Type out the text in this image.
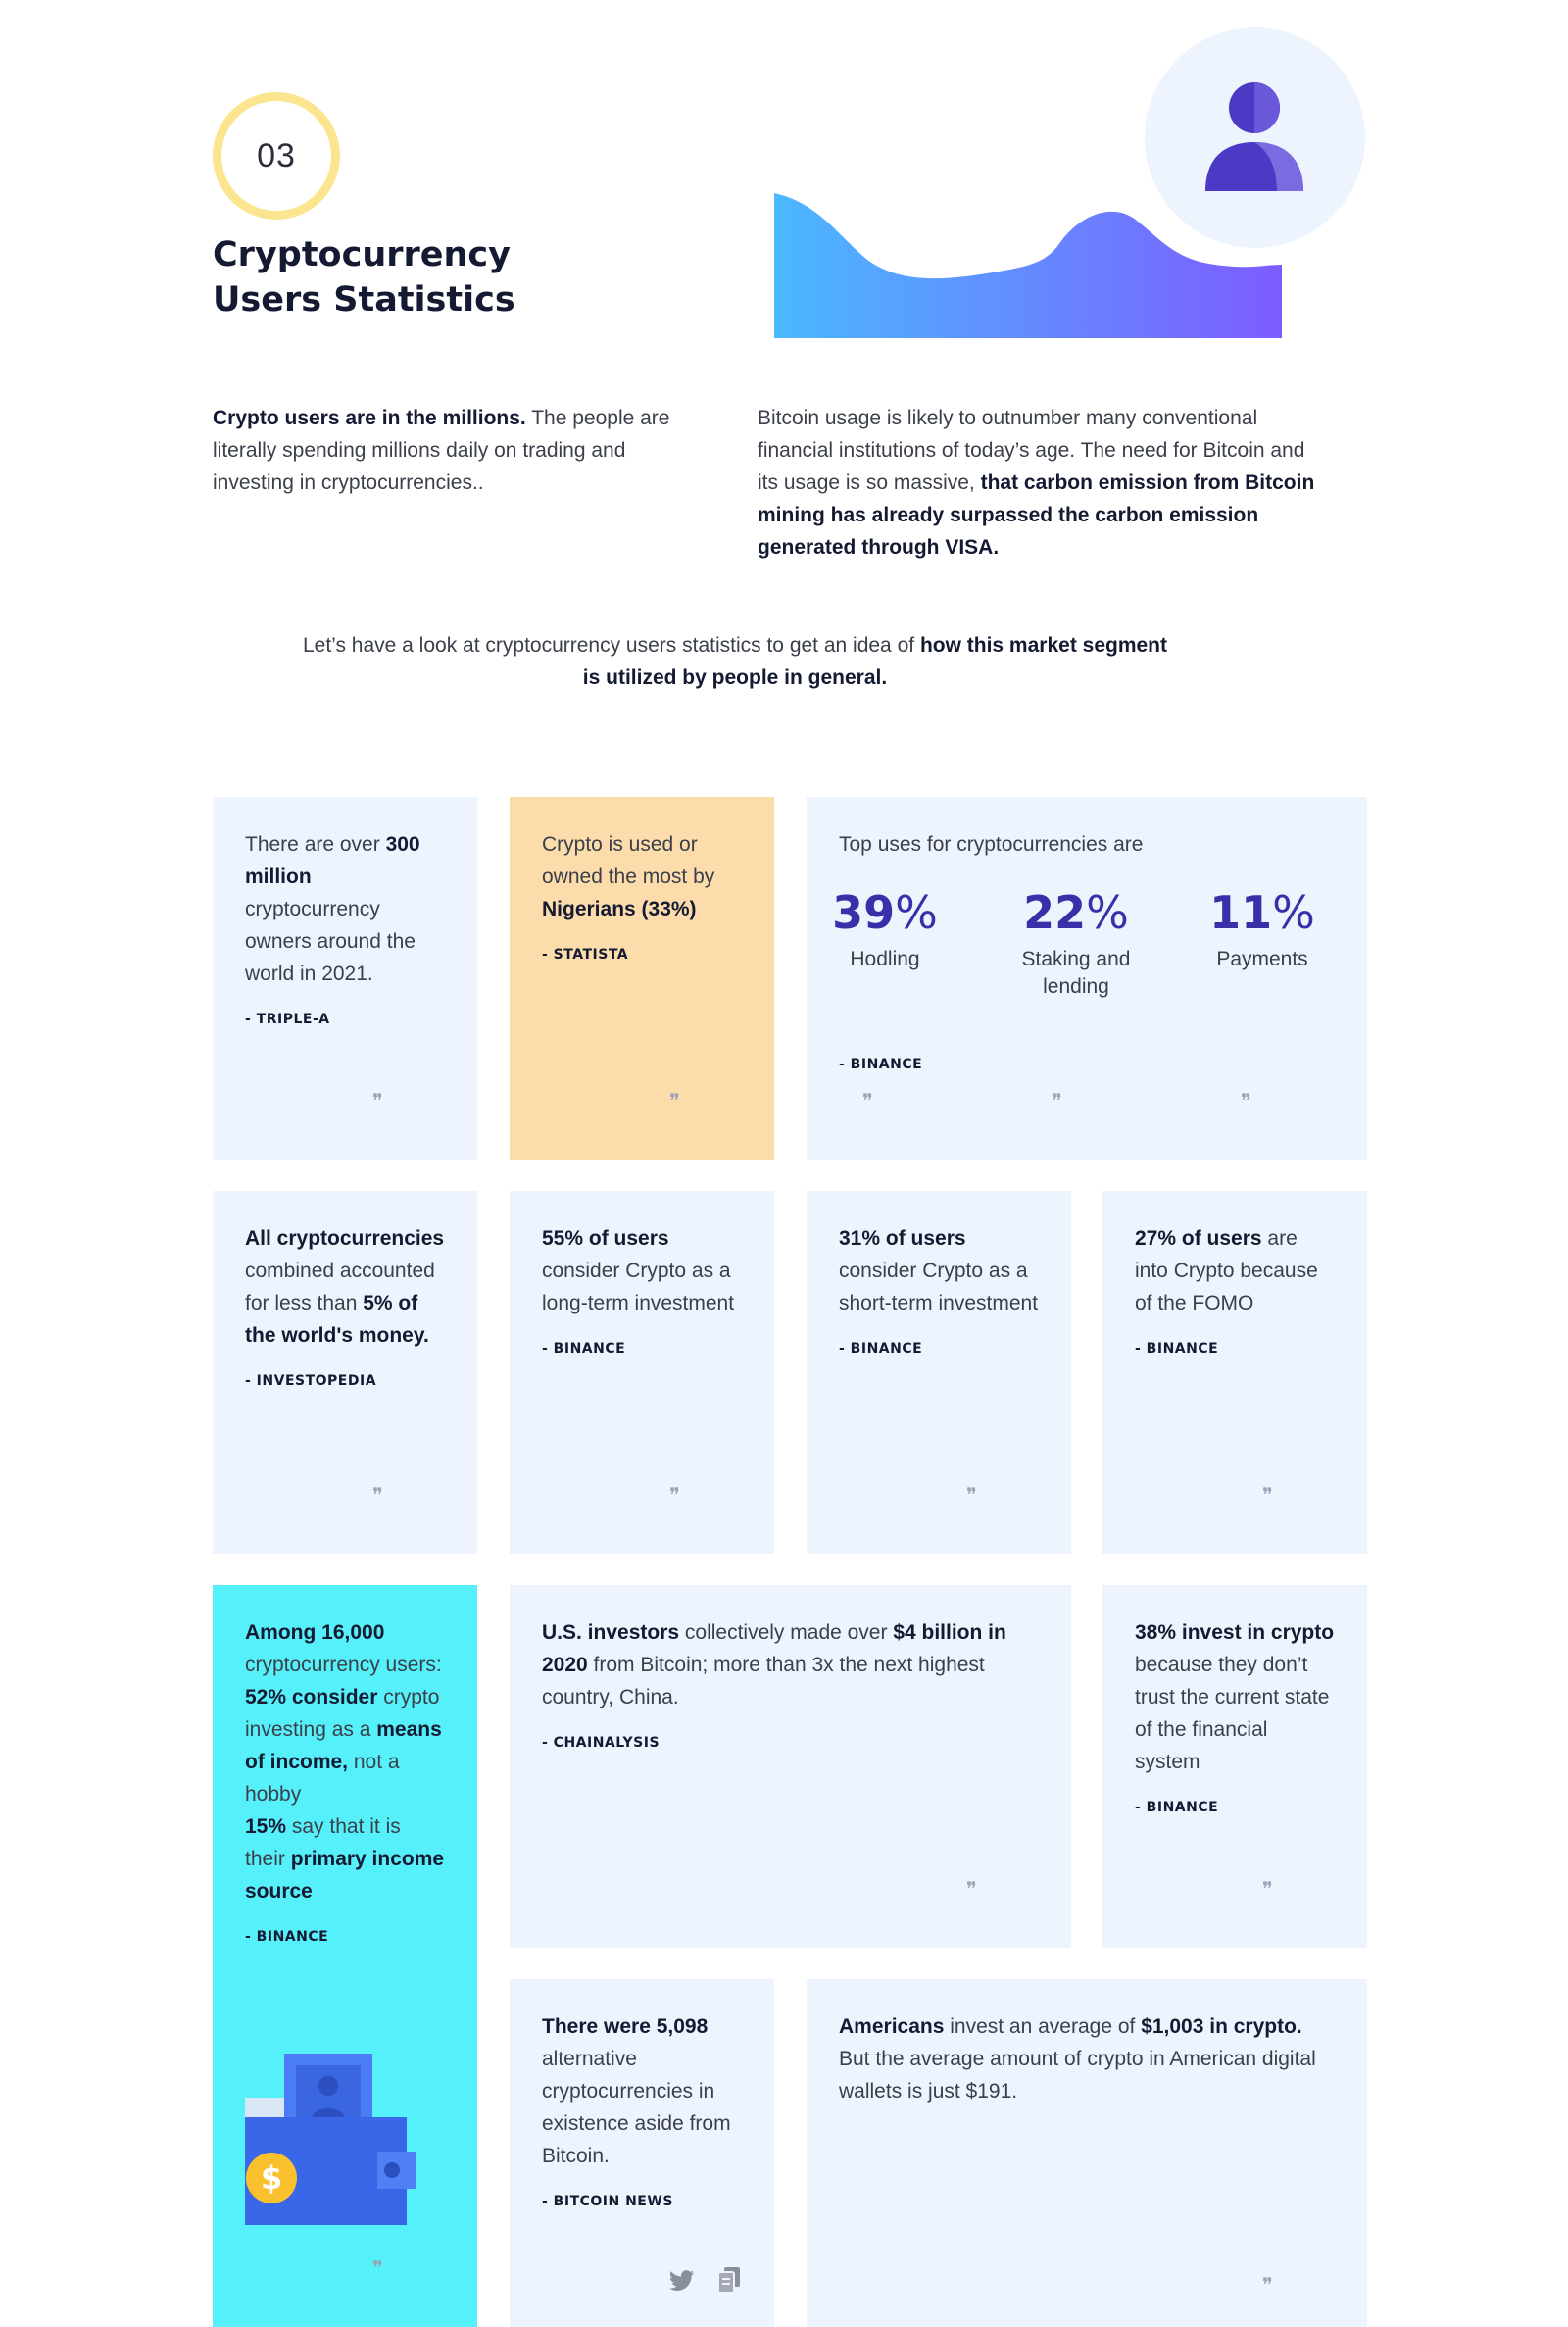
03
Cryptocurrency
Users Statistics
Crypto users are in the millions. The people are literally spending millions daily on trading and investing in cryptocurrencies..
Bitcoin usage is likely to outnumber many conventional financial institutions of today’s age. The need for Bitcoin and its usage is so massive, that carbon emission from Bitcoin mining has already surpassed the carbon emission generated through VISA.
Let’s have a look at cryptocurrency users statistics to get an idea of how this market segment is utilized by people in general.
There are over 300 million cryptocurrency owners around the world in 2021.
- TRIPLE-A
❞
Crypto is used or owned the most by Nigerians (33%)
- STATISTA
❞
Top uses for cryptocurrencies are
39%
Hodling
22%
Staking and lending
11%
Payments
- BINANCE
❞	❞	❞
All cryptocurrencies combined accounted for less than 5% of the world's money.
- INVESTOPEDIA
❞
55% of users consider Crypto as a long-term investment
- BINANCE
❞
31% of users consider Crypto as a short-term investment
- BINANCE
❞
27% of users are into Crypto because of the FOMO
- BINANCE
❞
Among 16,000 cryptocurrency users:
52% consider crypto investing as a means of income, not a hobby
15% say that it is their primary income source
- BINANCE
$
❞
U.S. investors collectively made over $4 billion in 2020 from Bitcoin; more than 3x the next highest country, China.
- CHAINALYSIS
❞
38% invest in crypto because they don’t trust the current state of the financial system
- BINANCE
❞
There were 5,098 alternative cryptocurrencies in existence aside from Bitcoin.
- BITCOIN NEWS
Americans invest an average of $1,003 in crypto. But the average amount of crypto in American digital wallets is just $191.
❞
